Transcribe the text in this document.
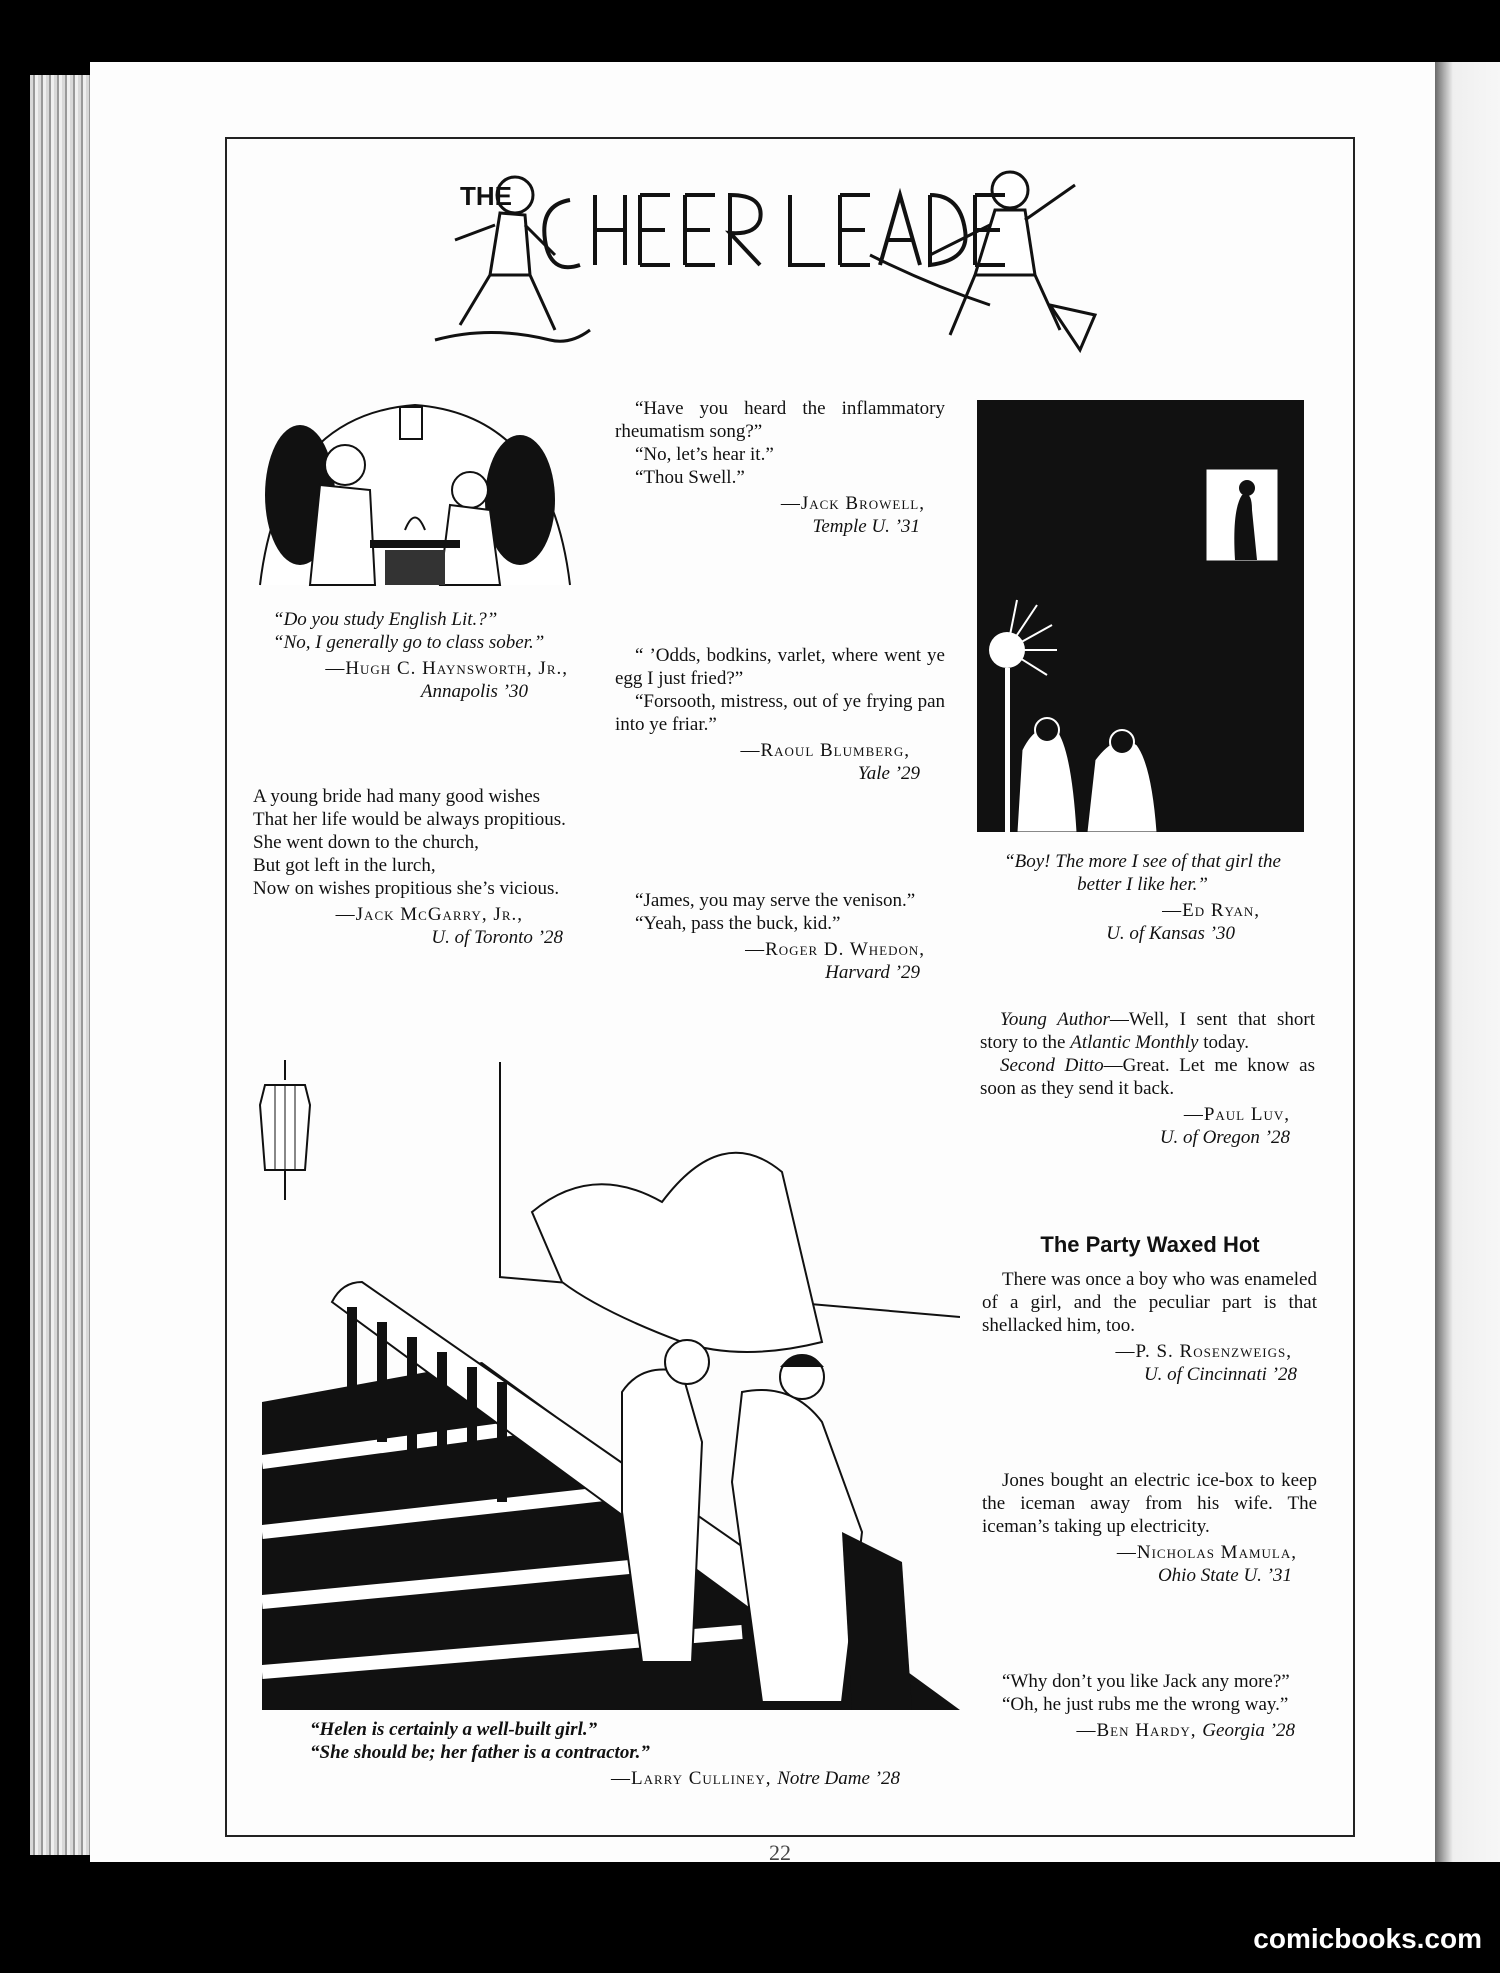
THE

“Do you study English Lit.?”

“No, I generally go to class sober.”

—Hugh C. Haynsworth, Jr.,
Annapolis ’30

A young bride had many good wishes

That her life would be always propitious.

She went down to the church,

But got left in the lurch,

Now on wishes propitious she’s vicious.

—Jack McGarry, Jr.,
U. of Toronto ’28

“Have you heard the inflammatory rheumatism song?”

“No, let’s hear it.”

“Thou Swell.”

—Jack Browell,
Temple U. ’31

“ ’Odds, bodkins, varlet, where went ye egg I just fried?”

“Forsooth, mistress, out of ye frying pan into ye friar.”

—Raoul Blumberg,
Yale ’29

“James, you may serve the venison.”

“Yeah, pass the buck, kid.”

—Roger D. Whedon,
Harvard ’29

“Boy! The more I see of that girl the better I like her.”

—Ed Ryan,
U. of Kansas ’30

Young Author—Well, I sent that short story to the Atlantic Monthly today.

Second Ditto—Great. Let me know as soon as they send it back.

—Paul Luv,
U. of Oregon ’28
The Party Waxed Hot

There was once a boy who was enameled of a girl, and the peculiar part is that shellacked him, too.

—P. S. Rosenzweigs,
U. of Cincinnati ’28

Jones bought an electric ice-box to keep the iceman away from his wife. The iceman’s taking up electricity.

—Nicholas Mamula,
Ohio State U. ’31

“Why don’t you like Jack any more?”

“Oh, he just rubs me the wrong way.”

—Ben Hardy, Georgia ’28

“Helen is certainly a well-built girl.”

“She should be; her father is a contractor.”

—Larry Culliney, Notre Dame ’28
22
comicbooks.com
